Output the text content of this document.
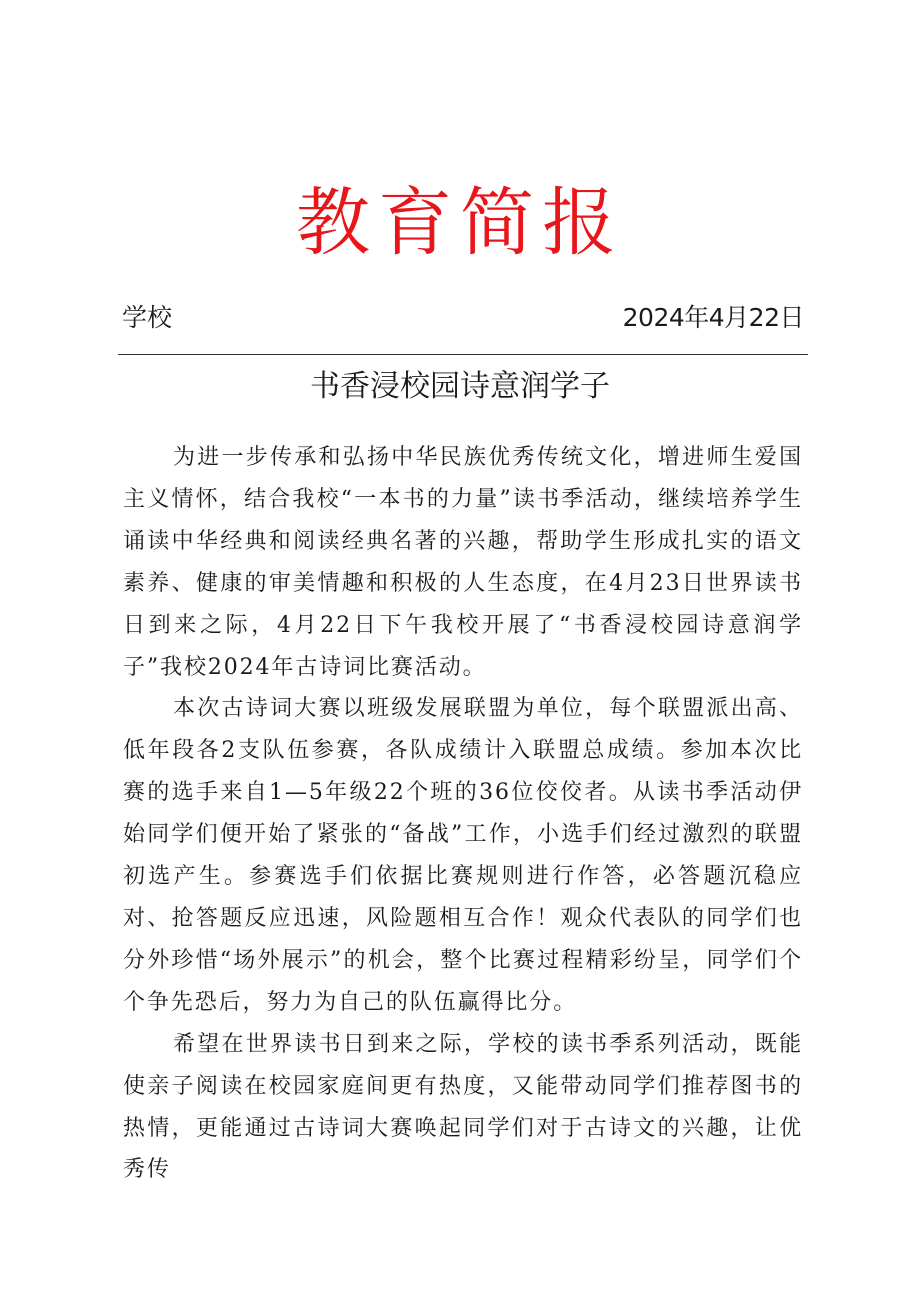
教育简报
学校	2024年4月22日
书香浸校园诗意润学子

为进一步传承和弘扬中华民族优秀传统文化，增进师生爱国主义情怀，结合我校“一本书的力量”读书季活动，继续培养学生诵读中华经典和阅读经典名著的兴趣，帮助学生形成扎实的语文素养、健康的审美情趣和积极的人生态度，在4月23日世界读书日到来之际，4月22日下午我校开展了“书香浸校园诗意润学子”我校2024年古诗词比赛活动。

本次古诗词大赛以班级发展联盟为单位，每个联盟派出高、低年段各2支队伍参赛，各队成绩计入联盟总成绩。参加本次比赛的选手来自1—5年级22个班的36位佼佼者。从读书季活动伊始同学们便开始了紧张的“备战”工作，小选手们经过激烈的联盟初选产生。参赛选手们依据比赛规则进行作答，必答题沉稳应对、抢答题反应迅速，风险题相互合作！观众代表队的同学们也分外珍惜“场外展示”的机会，整个比赛过程精彩纷呈，同学们个个争先恐后，努力为自己的队伍赢得比分。

希望在世界读书日到来之际，学校的读书季系列活动，既能使亲子阅读在校园家庭间更有热度，又能带动同学们推荐图书的热情，更能通过古诗词大赛唤起同学们对于古诗文的兴趣，让优秀传
